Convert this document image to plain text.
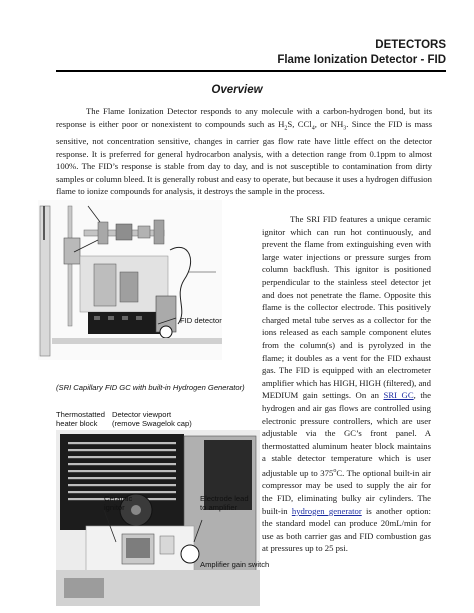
DETECTORS
Flame Ionization Detector - FID
Overview

The Flame Ionization Detector responds to any molecule with a carbon-hydrogen bond, but its response is either poor or nonexistent to compounds such as $H_2S$, CCl$_4$, or $NH_3$. Since the FID is mass sensitive, not concentration sensitive, changes in carrier gas flow rate have little effect on the detector response. It is preferred for general hydrocarbon analysis, with a detection range from 0.1ppm to almost 100%. The FID’s response is stable from day to day, and is not susceptible to contamination from dirty samples or column bleed. It is generally robust and easy to operate, but because it uses a hydrogen diffusion flame to ionize compounds for analysis, it destroys the sample in the process.

FID detector
(SRI Capillary FID GC with built-in Hydrogen Generator)
Thermostatted
heater block
Detector viewport
(remove Swagelok cap)
Ceramic
ignitor
Electrode lead
to amplifier
Amplifier gain switch

The SRI FID features a unique ceramic ignitor which can run hot continuously, and prevent the flame from extinguishing even with large water injections or pressure surges from column backflush. This ignitor is positioned perpendicular to the stainless steel detector jet and does not penetrate the flame. Opposite this flame is the collector electrode. This positively charged metal tube serves as a collector for the ions released as each sample component elutes from the column(s) and is pyrolyzed in the flame; it doubles as a vent for the FID exhaust gas. The FID is equipped with an electrometer amplifier which has HIGH, HIGH (filtered), and MEDIUM gain settings. On an SRI GC, the hydrogen and air gas flows are controlled using electronic pressure controllers, which are user adjustable via the GC’s front panel. A thermostatted aluminum heater block maintains a stable detector temperature which is user adjustable up to 375$^o$C. The optional built-in air compressor may be used to supply the air for the FID, eliminating bulky air cylinders. The built-in hydrogen generator is another option: the standard model can produce 20mL/min for use as both carrier gas and FID combustion gas at pressures up to 25 psi.
